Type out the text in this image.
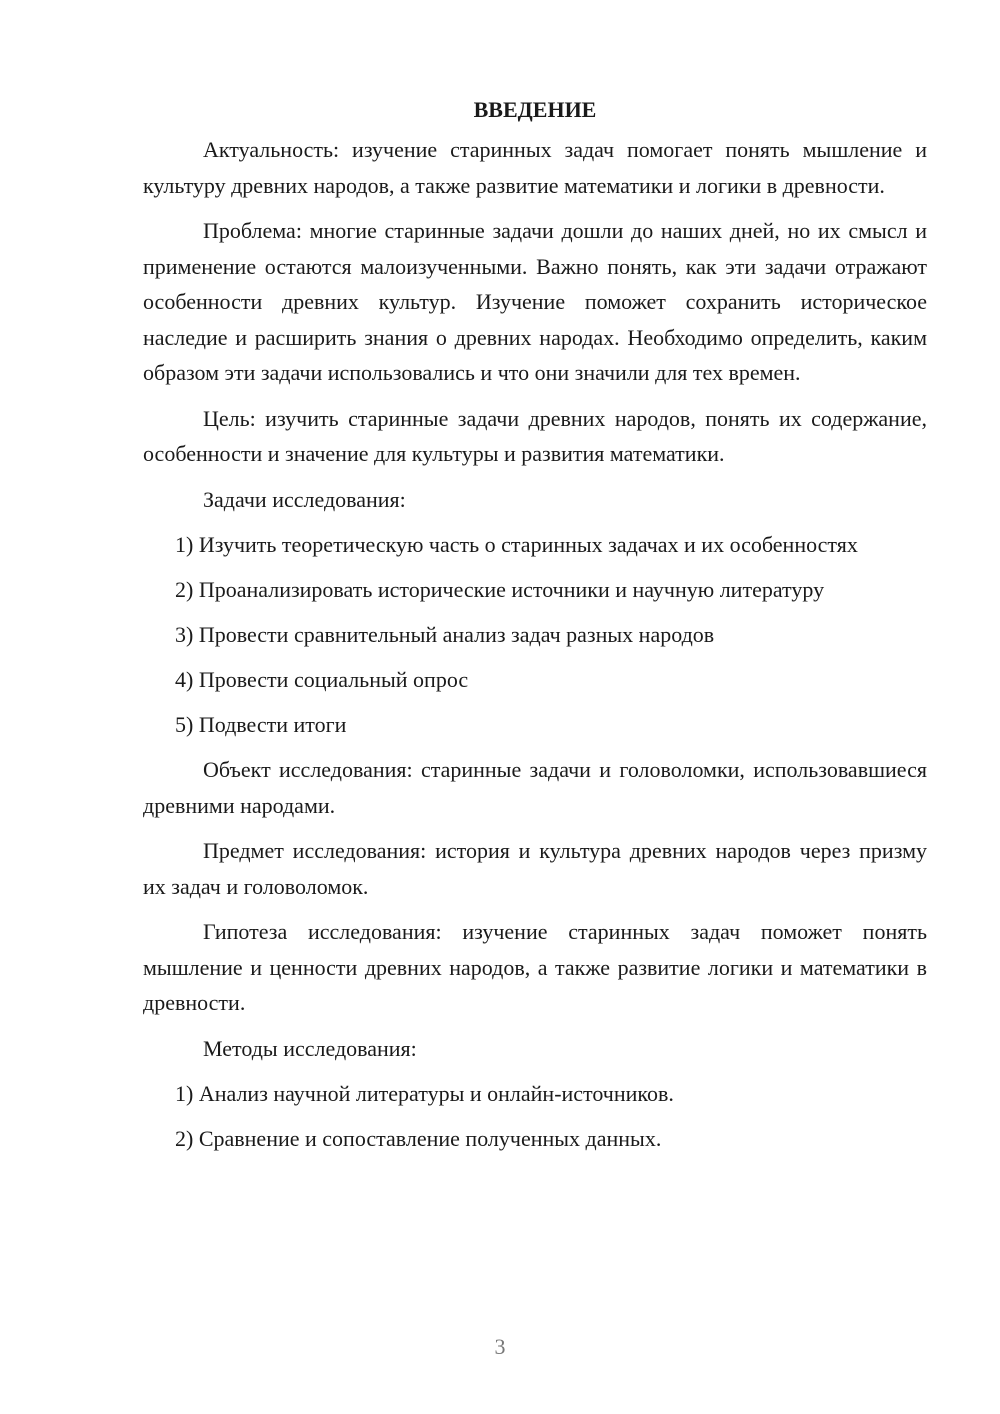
ВВЕДЕНИЕ

Актуальность: изучение старинных задач помогает понять мышление и культуру древних народов, а также развитие математики и логики в древности.

Проблема: многие старинные задачи дошли до наших дней, но их смысл и применение остаются малоизученными. Важно понять, как эти задачи отражают особенности древних культур. Изучение поможет сохранить историческое наследие и расширить знания о древних народах. Необходимо определить, каким образом эти задачи использовались и что они значили для тех времен.

Цель: изучить старинные задачи древних народов, понять их содержание, особенности и значение для культуры и развития математики.

Задачи исследования:

1) Изучить теоретическую часть о старинных задачах и их особенностях

2) Проанализировать исторические источники и научную литературу

3) Провести сравнительный анализ задач разных народов

4) Провести социальный опрос

5) Подвести итоги

Объект исследования: старинные задачи и головоломки, использовавшиеся древними народами.

Предмет исследования: история и культура древних народов через призму их задач и головоломок.

Гипотеза исследования: изучение старинных задач поможет понять мышление и ценности древних народов, а также развитие логики и математики в древности.

Методы исследования:

1) Анализ научной литературы и онлайн-источников.

2) Сравнение и сопоставление полученных данных.

3
